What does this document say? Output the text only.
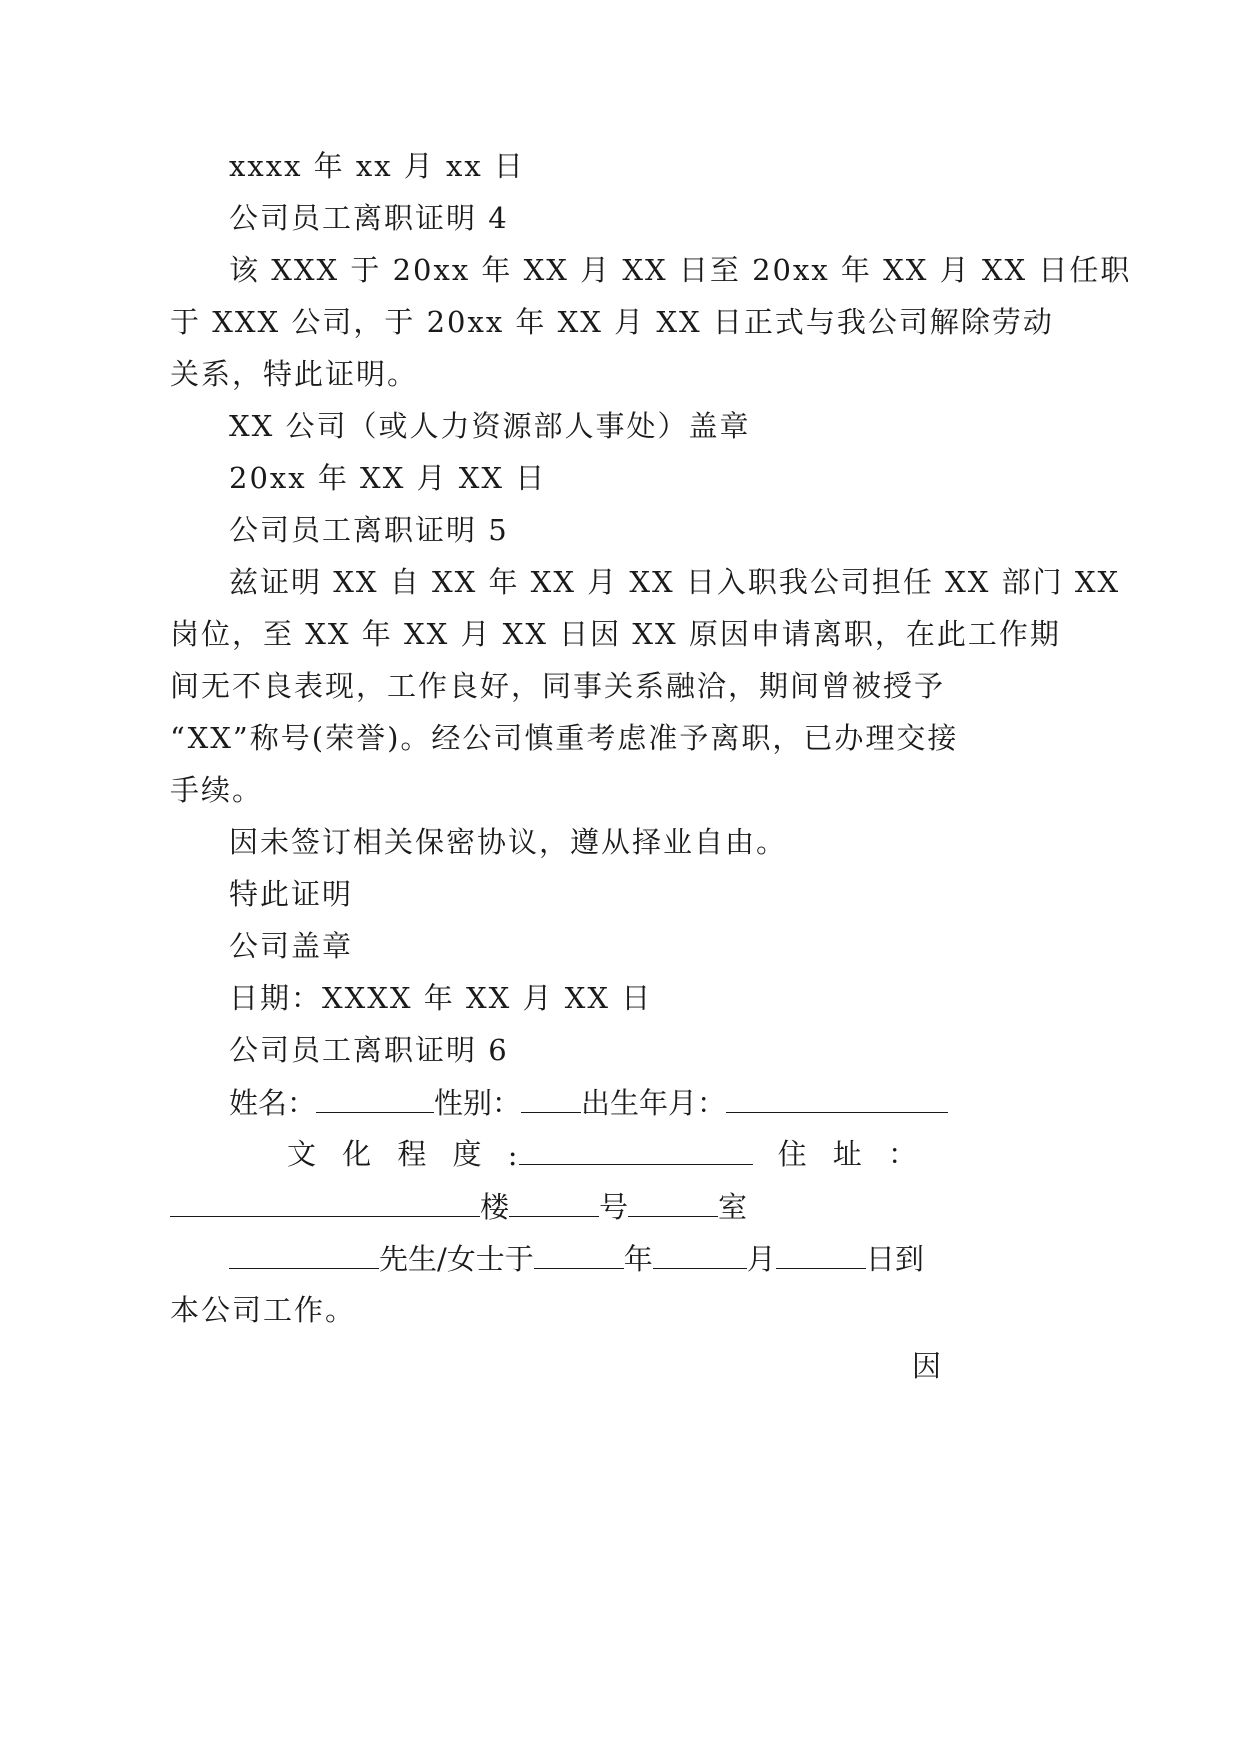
xxxx 年 xx 月 xx 日

公司员工离职证明 4

该 XXX 于 20xx 年 XX 月 XX 日至 20xx 年 XX 月 XX 日任职

于 XXX 公司，于 20xx 年 XX 月 XX 日正式与我公司解除劳动

关系，特此证明。

XX 公司（或人力资源部人事处）盖章

20xx 年 XX 月 XX 日

公司员工离职证明 5

兹证明 XX 自 XX 年 XX 月 XX 日入职我公司担任 XX 部门 XX

岗位，至 XX 年 XX 月 XX 日因 XX 原因申请离职，在此工作期

间无不良表现，工作良好，同事关系融洽，期间曾被授予

“XX”称号(荣誉)。经公司慎重考虑准予离职，已办理交接

手续。

因未签订相关保密协议，遵从择业自由。

特此证明

公司盖章

日期：XXXX 年 XX 月 XX 日

公司员工离职证明 6

姓名：	性别： 出生年月：
文 化 程 度 :	住 址 ：
楼	号	室
先生/女士于	年	月	日到

本公司工作。

因
